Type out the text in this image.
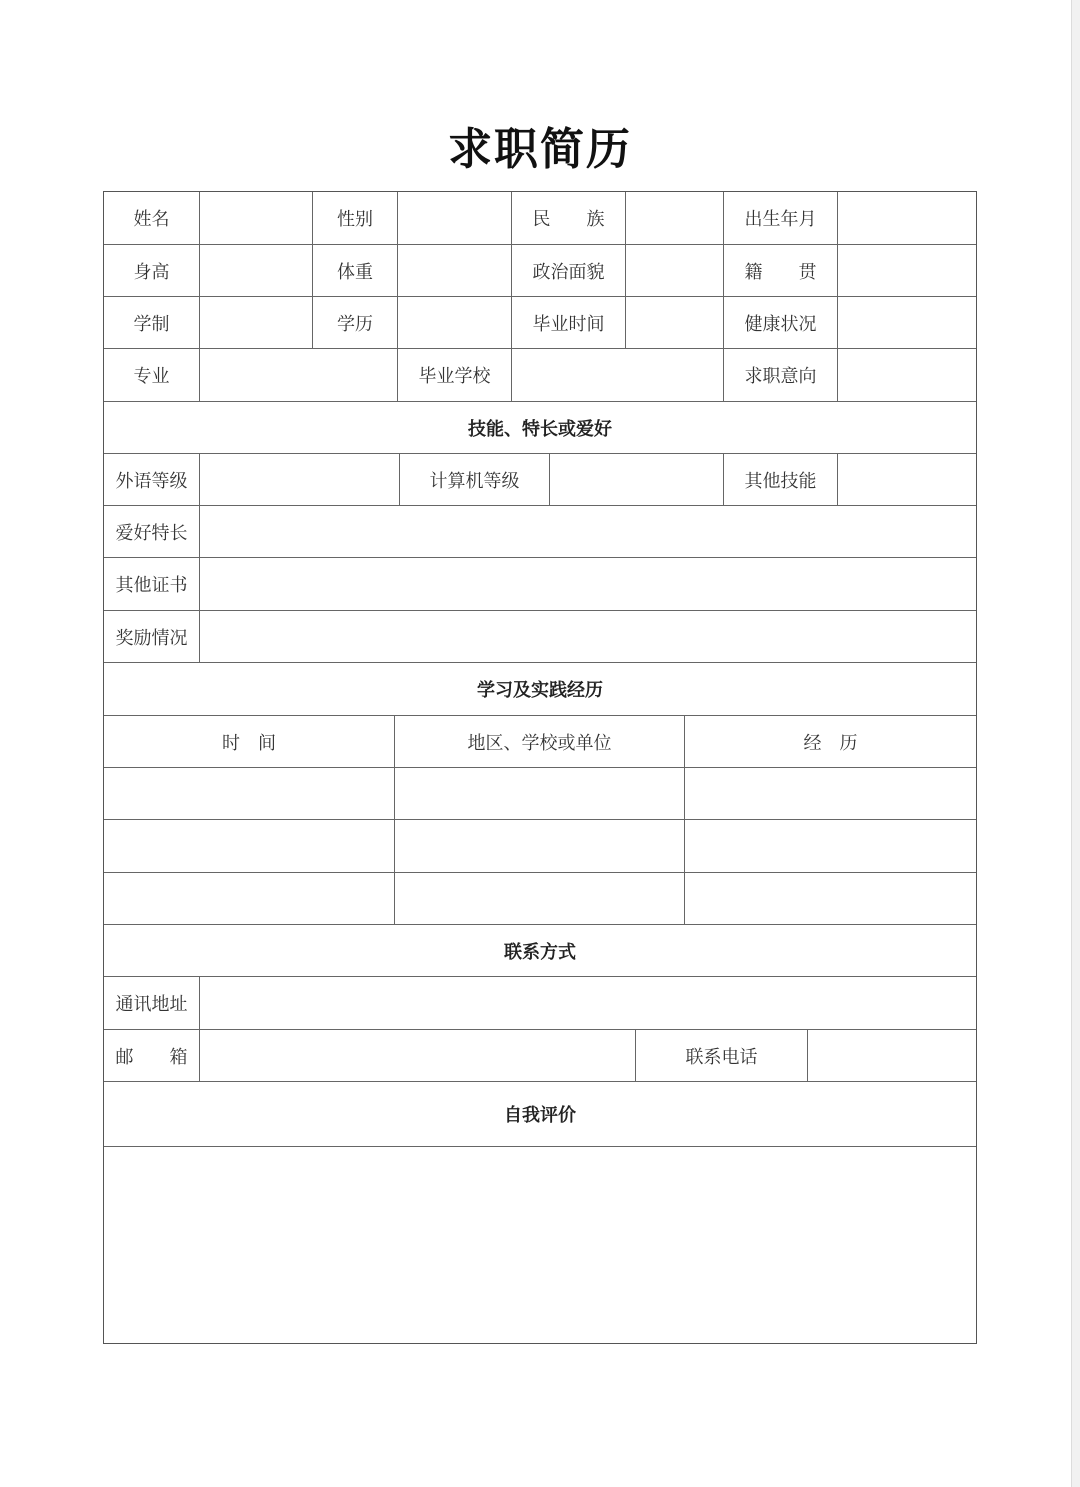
求职简历
姓名	性别	民　　族	出生年月
身高	体重	政治面貌	籍　　贯
学制	学历	毕业时间	健康状况
专业	毕业学校	求职意向
技能、特长或爱好
外语等级	计算机等级	其他技能
爱好特长
其他证书
奖励情况
学习及实践经历
时　间	地区、学校或单位	经　历
联系方式
通讯地址
邮　　箱	联系电话
自我评价
